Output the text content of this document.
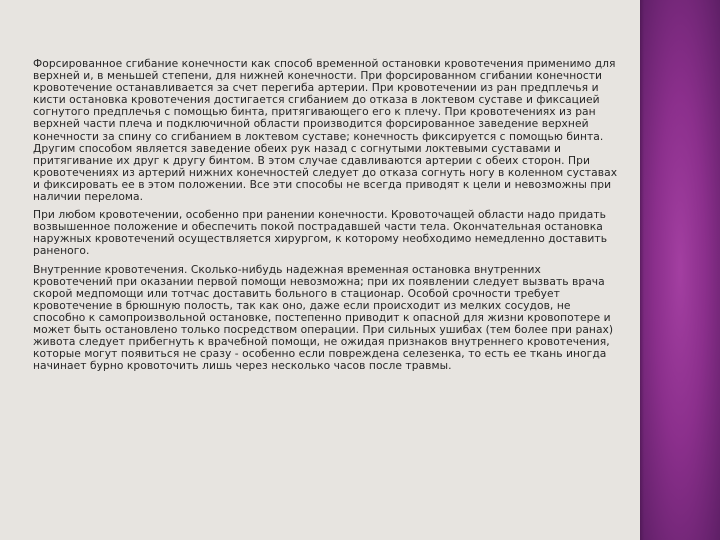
Форсированное сгибание конечности как способ временной остановки кровотечения применимо для верхней и, в меньшей степени, для нижней конечности. При форсированном сгибании конечности кровотечение останавливается за счет перегиба артерии. При кровотечении из ран предплечья и кисти остановка кровотечения достигается сгибанием до отказа в локтевом суставе и фиксацией согнутого предплечья с помощью бинта, притягивающего его к плечу. При кровотечениях из ран верхней части плеча и подключичной области производится форсированное заведение верхней конечности за спину со сгибанием в локтевом суставе; конечность фиксируется с помощью бинта. Другим способом является заведение обеих рук назад с согнутыми локтевыми суставами и притягивание их друг к другу бинтом. В этом случае сдавливаются артерии с обеих сторон. При кровотечениях из артерий нижних конечностей следует до отказа согнуть ногу в коленном суставах и фиксировать ее в этом положении. Все эти способы не всегда приводят к цели и невозможны при наличии перелома.

При любом кровотечении, особенно при ранении конечности. Кровоточащей области надо придать возвышенное положение и обеспечить покой пострадавшей части тела. Окончательная остановка наружных кровотечений осуществляется хирургом, к которому необходимо немедленно доставить раненого.

Внутренние кровотечения. Сколько-нибудь надежная временная остановка внутренних кровотечений при оказании первой помощи невозможна; при их появлении следует вызвать врача скорой медпомощи или тотчас доставить больного в стационар. Особой срочности требует кровотечение в брюшную полость, так как оно, даже если происходит из мелких сосудов, не способно к самопроизвольной остановке, постепенно приводит к опасной для жизни кровопотере и может быть остановлено только посредством операции. При сильных ушибах (тем более при ранах) живота следует прибегнуть к врачебной помощи, не ожидая признаков внутреннего кровотечения, которые могут появиться не сразу - особенно если повреждена селезенка, то есть ее ткань иногда начинает бурно кровоточить лишь через несколько часов после травмы.
